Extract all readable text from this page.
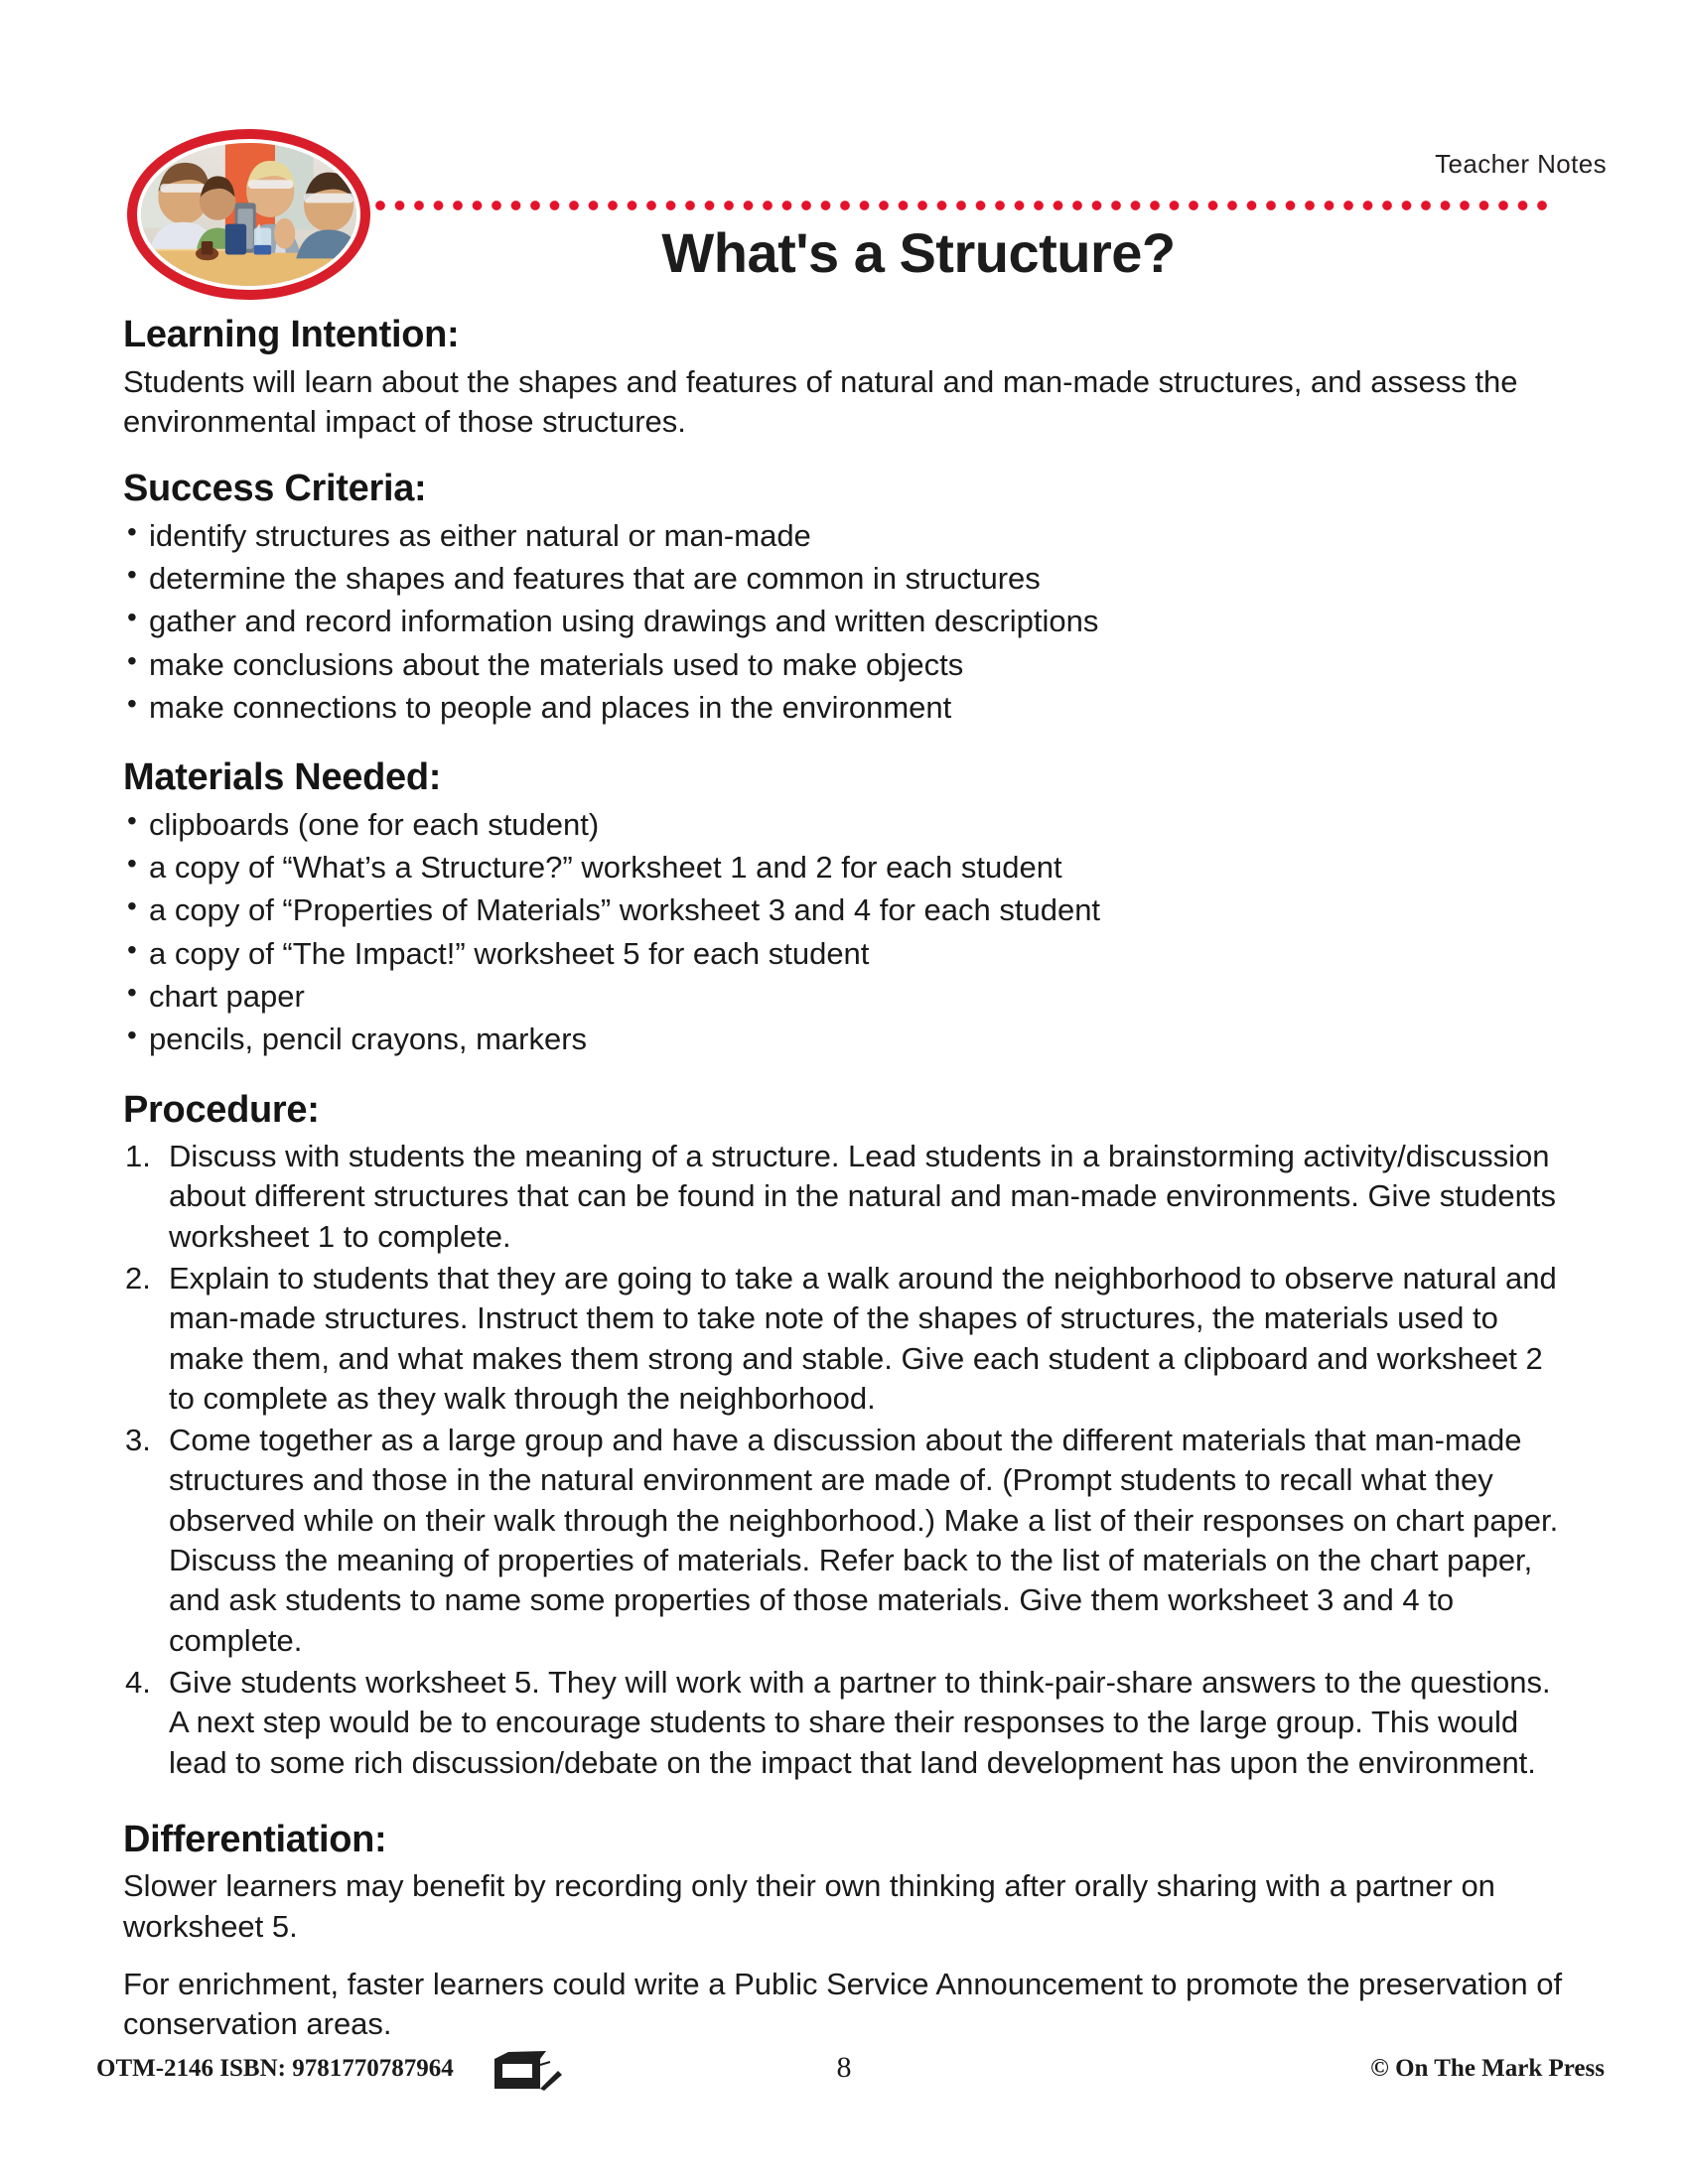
Teacher Notes
What's a Structure?
Learning Intention:

Students will learn about the shapes and features of natural and man-made structures, and assess the environmental impact of those structures.

Success Criteria:
• identify structures as either natural or man-made
• determine the shapes and features that are common in structures
• gather and record information using drawings and written descriptions
• make conclusions about the materials used to make objects
• make connections to people and places in the environment
Materials Needed:
• clipboards (one for each student)
• a copy of “What’s a Structure?” worksheet 1 and 2 for each student
• a copy of “Properties of Materials” worksheet 3 and 4 for each student
• a copy of “The Impact!” worksheet 5 for each student
• chart paper
• pencils, pencil crayons, markers
Procedure:
Discuss with students the meaning of a structure. Lead students in a brainstorming activity/discussion about different structures that can be found in the natural and man-made environments. Give students worksheet 1 to complete.
Explain to students that they are going to take a walk around the neighborhood to observe natural and man-made structures. Instruct them to take note of the shapes of structures, the materials used to make them, and what makes them strong and stable. Give each student a clipboard and worksheet 2 to complete as they walk through the neighborhood.
Come together as a large group and have a discussion about the different materials that man-made structures and those in the natural environment are made of. (Prompt students to recall what they observed while on their walk through the neighborhood.) Make a list of their responses on chart paper. Discuss the meaning of properties of materials. Refer back to the list of materials on the chart paper, and ask students to name some properties of those materials. Give them worksheet 3 and 4 to complete.
Give students worksheet 5. They will work with a partner to think-pair-share answers to the questions. A next step would be to encourage students to share their responses to the large group. This would lead to some rich discussion/debate on the impact that land development has upon the environment.
Differentiation:

Slower learners may benefit by recording only their own thinking after orally sharing with a partner on worksheet 5.

For enrichment, faster learners could write a Public Service Announcement to promote the preservation of conservation areas.

OTM-2146 ISBN: 9781770787964	8	© On The Mark Press
